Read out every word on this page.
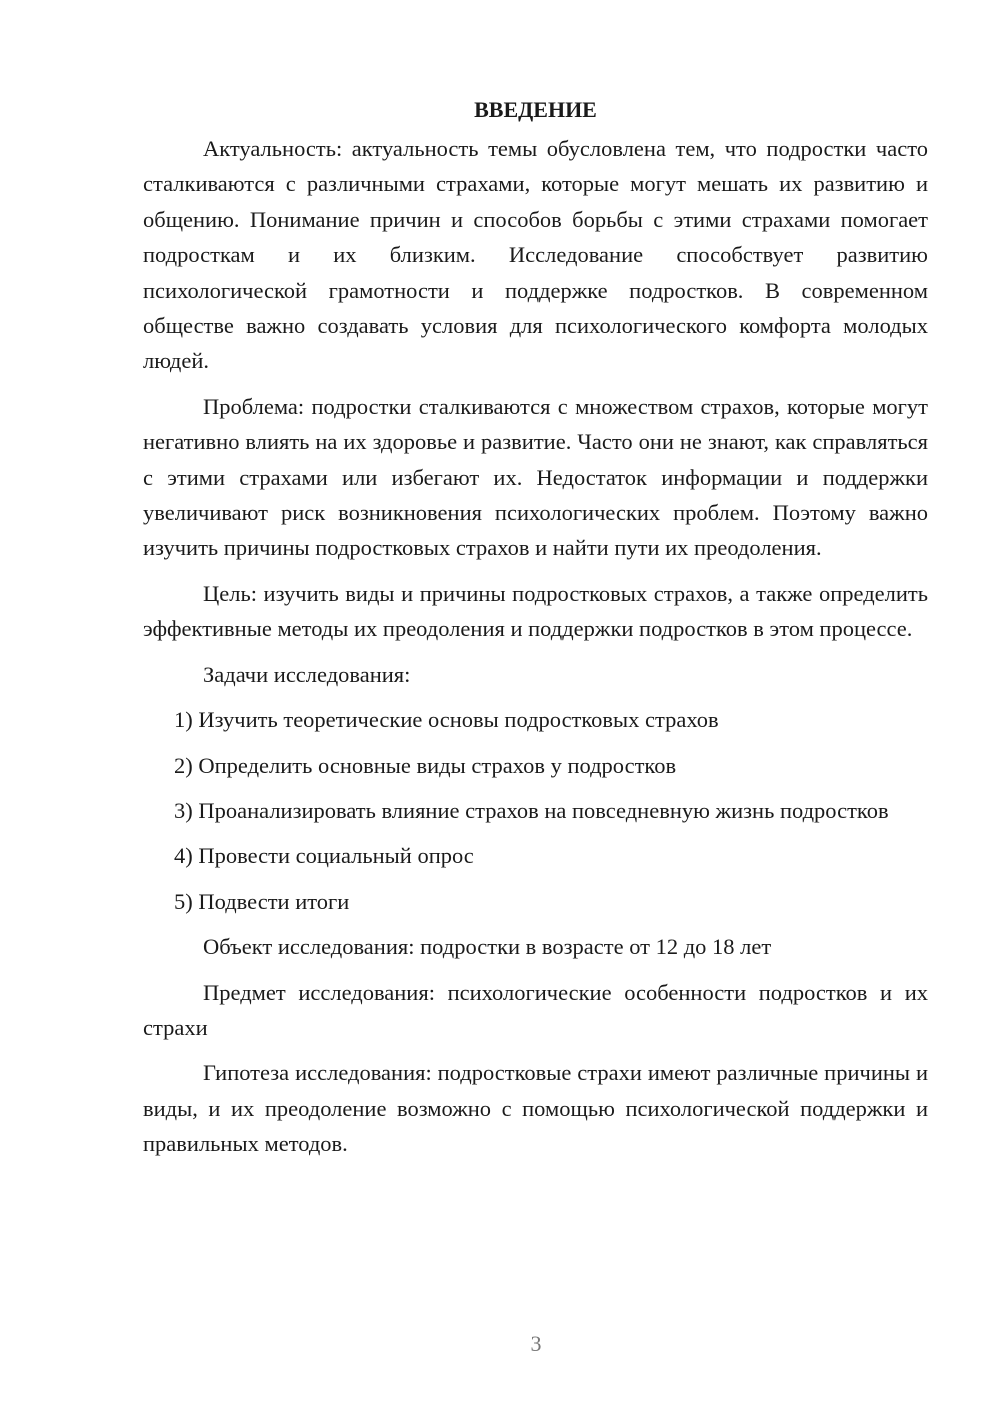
ВВЕДЕНИЕ

Актуальность: актуальность темы обусловлена тем, что подростки часто сталкиваются с различными страхами, которые могут мешать их развитию и общению. Понимание причин и способов борьбы с этими страхами помогает подросткам и их близким. Исследование способствует развитию психологической грамотности и поддержке подростков. В современном обществе важно создавать условия для психологического комфорта молодых людей.

Проблема: подростки сталкиваются с множеством страхов, которые могут негативно влиять на их здоровье и развитие. Часто они не знают, как справляться с этими страхами или избегают их. Недостаток информации и поддержки увеличивают риск возникновения психологических проблем. Поэтому важно изучить причины подростковых страхов и найти пути их преодоления.

Цель: изучить виды и причины подростковых страхов, а также определить эффективные методы их преодоления и поддержки подростков в этом процессе.

Задачи исследования:

1) Изучить теоретические основы подростковых страхов

2) Определить основные виды страхов у подростков

3) Проанализировать влияние страхов на повседневную жизнь подростков

4) Провести социальный опрос

5) Подвести итоги

Объект исследования: подростки в возрасте от 12 до 18 лет

Предмет исследования: психологические особенности подростков и их страхи

Гипотеза исследования: подростковые страхи имеют различные причины и виды, и их преодоление возможно с помощью психологической поддержки и правильных методов.

3
